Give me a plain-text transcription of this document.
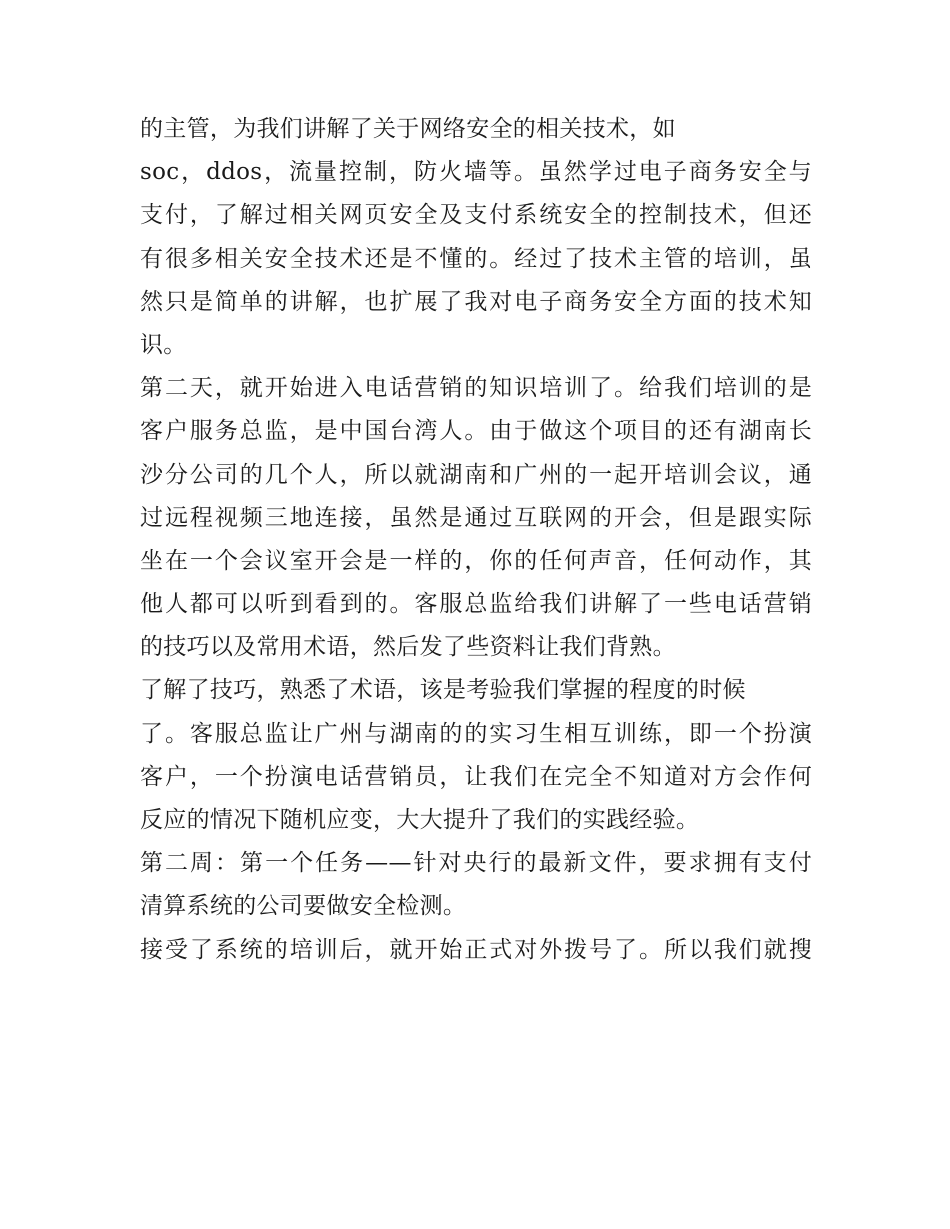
的主管，为我们讲解了关于网络安全的相关技术，如
soc，ddos，流量控制，防火墙等。虽然学过电子商务安全与
支付，了解过相关网页安全及支付系统安全的控制技术，但还
有很多相关安全技术还是不懂的。经过了技术主管的培训，虽
然只是简单的讲解，也扩展了我对电子商务安全方面的技术知
识。
第二天，就开始进入电话营销的知识培训了。给我们培训的是
客户服务总监，是中国台湾人。由于做这个项目的还有湖南长
沙分公司的几个人，所以就湖南和广州的一起开培训会议，通
过远程视频三地连接，虽然是通过互联网的开会，但是跟实际
坐在一个会议室开会是一样的，你的任何声音，任何动作，其
他人都可以听到看到的。客服总监给我们讲解了一些电话营销
的技巧以及常用术语，然后发了些资料让我们背熟。
了解了技巧，熟悉了术语，该是考验我们掌握的程度的时候
了。客服总监让广州与湖南的的实习生相互训练，即一个扮演
客户，一个扮演电话营销员，让我们在完全不知道对方会作何
反应的情况下随机应变，大大提升了我们的实践经验。
第二周：第一个任务——针对央行的最新文件，要求拥有支付
清算系统的公司要做安全检测。
接受了系统的培训后，就开始正式对外拨号了。所以我们就搜
